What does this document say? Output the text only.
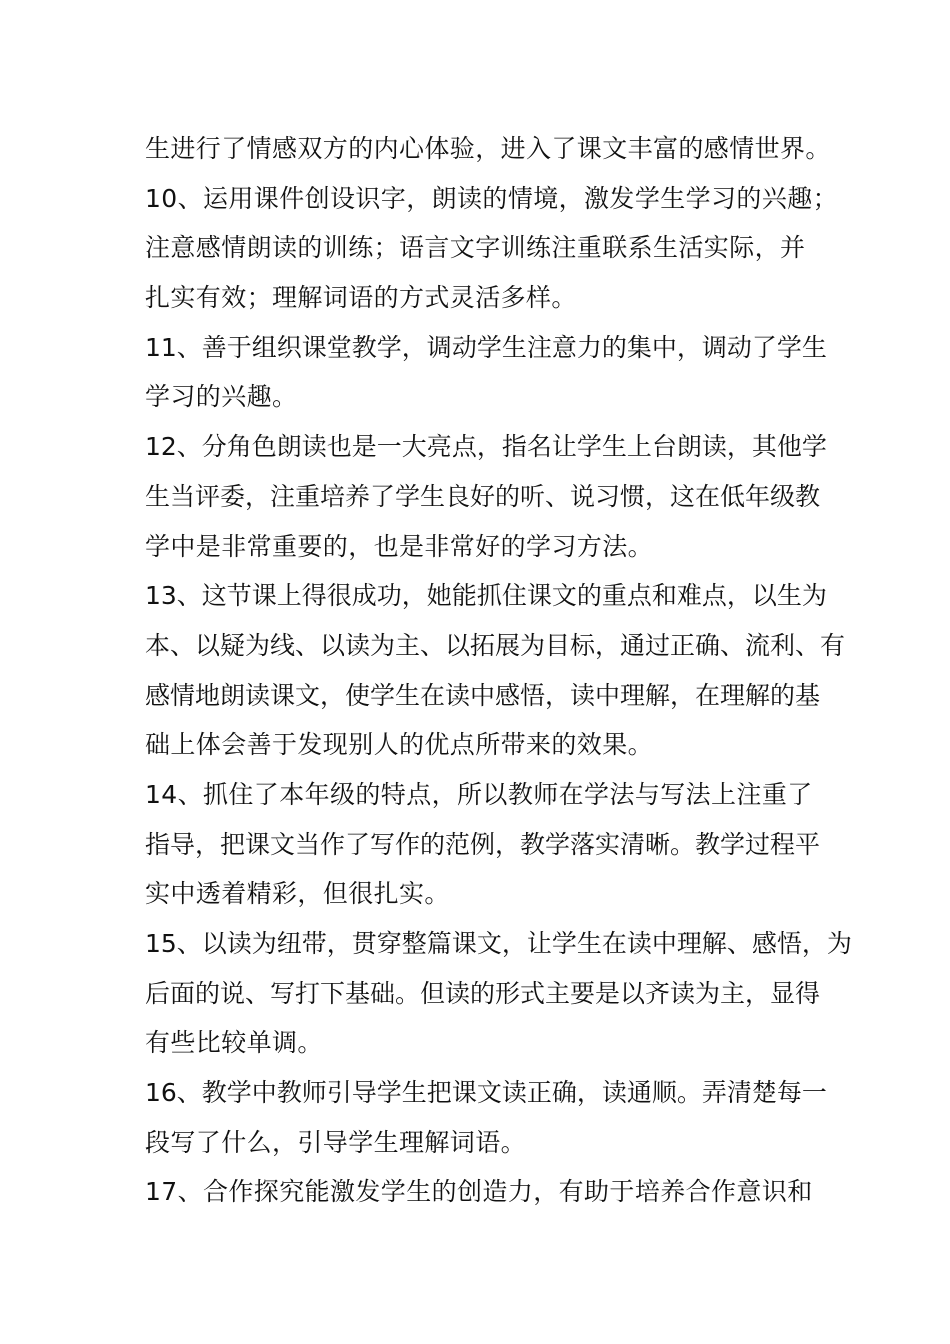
生进行了情感双方的内心体验，进入了课文丰富的感情世界。
10、运用课件创设识字，朗读的情境，激发学生学习的兴趣；
注意感情朗读的训练；语言文字训练注重联系生活实际，并
扎实有效；理解词语的方式灵活多样。
11、善于组织课堂教学，调动学生注意力的集中，调动了学生
学习的兴趣。
12、分角色朗读也是一大亮点，指名让学生上台朗读，其他学
生当评委，注重培养了学生良好的听、说习惯，这在低年级教
学中是非常重要的，也是非常好的学习方法。
13、这节课上得很成功，她能抓住课文的重点和难点，以生为
本、以疑为线、以读为主、以拓展为目标，通过正确、流利、有
感情地朗读课文，使学生在读中感悟，读中理解，在理解的基
础上体会善于发现别人的优点所带来的效果。
14、抓住了本年级的特点，所以教师在学法与写法上注重了
指导，把课文当作了写作的范例，教学落实清晰。教学过程平
实中透着精彩，但很扎实。
15、以读为纽带，贯穿整篇课文，让学生在读中理解、感悟，为
后面的说、写打下基础。但读的形式主要是以齐读为主，显得
有些比较单调。
16、教学中教师引导学生把课文读正确，读通顺。弄清楚每一
段写了什么，引导学生理解词语。
17、合作探究能激发学生的创造力，有助于培养合作意识和
